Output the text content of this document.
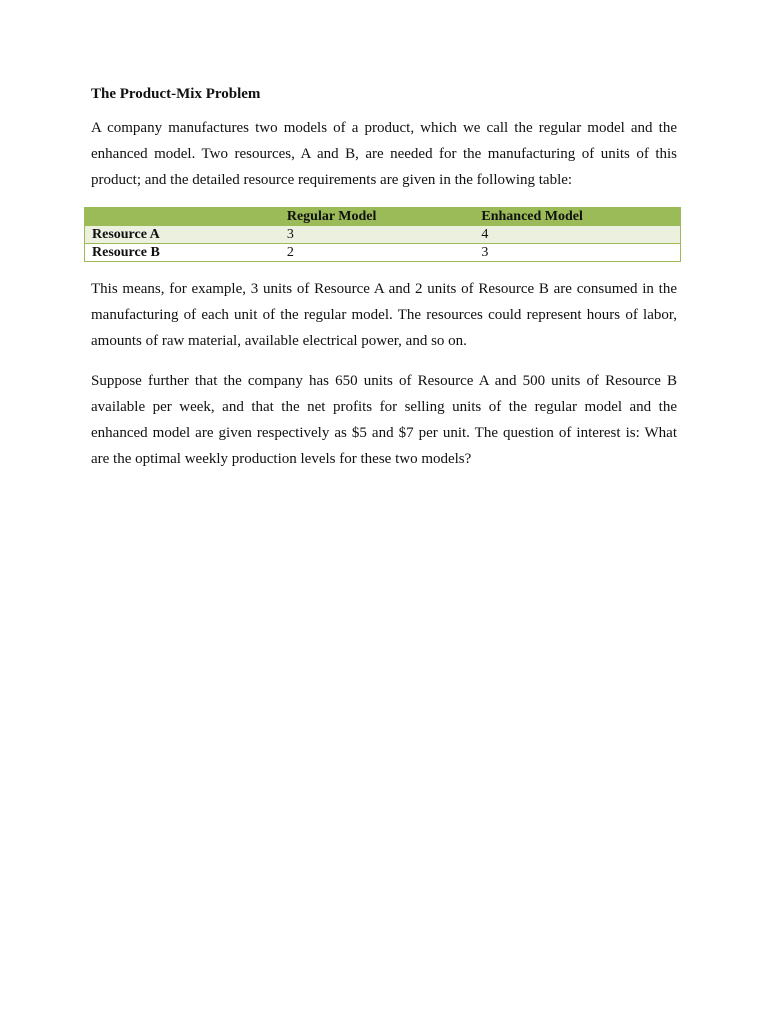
The Product-Mix Problem

A company manufactures two models of a product, which we call the regular model and the enhanced model. Two resources, A and B, are needed for the manufacturing of units of this product; and the detailed resource requirements are given in the following table:

	Regular Model	Enhanced Model
Resource A	3	4
Resource B	2	3

This means, for example, 3 units of Resource A and 2 units of Resource B are consumed in the manufacturing of each unit of the regular model. The resources could represent hours of labor, amounts of raw material, available electrical power, and so on.

Suppose further that the company has 650 units of Resource A and 500 units of Resource B available per week, and that the net profits for selling units of the regular model and the enhanced model are given respectively as $5 and $7 per unit. The question of interest is: What are the optimal weekly production levels for these two models?
